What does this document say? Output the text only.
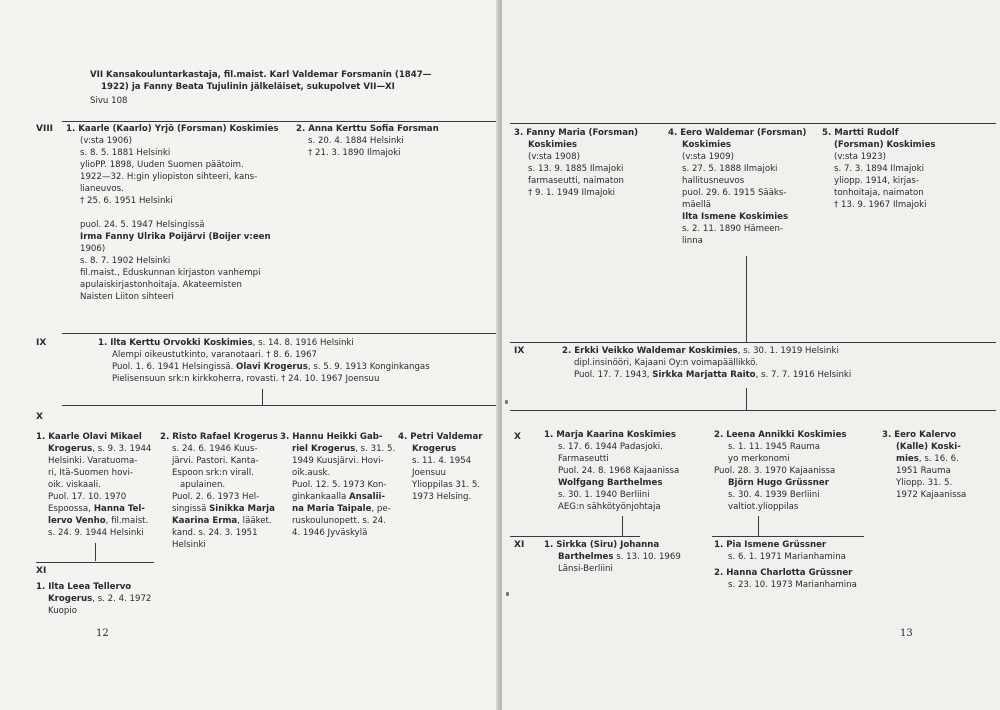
VII Kansakouluntarkastaja, fil.maist. Karl Valdemar Forsmanin (1847—
1922) ja Fanny Beata Tujulinin jälkeläiset, sukupolvet VII—XI
Sivu 108
VIII 1. Kaarle (Kaarlo) Yrjö (Forsman) Koskimies
(v:sta 1906)
s. 8. 5. 1881 Helsinki
ylioPP. 1898, Uuden Suomen päätoim.
1922—32. H:gin yliopiston sihteeri, kans-
lianeuvos.
† 25. 6. 1951 Helsinki
puol. 24. 5. 1947 Helsingissä
Irma Fanny Ulrika Poijärvi (Boijer v:een
1906)
s. 8. 7. 1902 Helsinki
fil.maist., Eduskunnan kirjaston vanhempi
apulaiskirjastonhoitaja. Akateemisten
Naisten Liiton sihteeri
2. Anna Kerttu Sofia Forsman
s. 20. 4. 1884 Helsinki
† 21. 3. 1890 Ilmajoki
IX	1. Ilta Kerttu Orvokki Koskimies, s. 14. 8. 1916 Helsinki
Alempi oikeustutkinto, varanotaari. † 8. 6. 1967
Puol. 1. 6. 1941 Helsingissä. Olavi Krogerus, s. 5. 9. 1913 Konginkangas
Pielisensuun srk:n kirkkoherra, rovasti. † 24. 10. 1967 Joensuu
X
1. Kaarle Olavi Mikael
Krogerus, s. 9. 3. 1944
Helsinki. Varatuoma-
ri, Itä-Suomen hovi-
oik. viskaali.
Puol. 17. 10. 1970
Espoossa, Hanna Tel-
lervo Venho, fil.maist.
s. 24. 9. 1944 Helsinki
2. Risto Rafael Krogerus
s. 24. 6. 1946 Kuus-
järvi. Pastori. Kanta-
Espoon srk:n virall.
apulainen.
Puol. 2. 6. 1973 Hel-
singissä Sinikka Marja
Kaarina Erma, lääket.
kand. s. 24. 3. 1951
Helsinki
3. Hannu Heikki Gab-
riel Krogerus, s. 31. 5.
1949 Kuusjärvi. Hovi-
oik.ausk.
Puol. 12. 5. 1973 Kon-
ginkankaalla Ansalii-
na Maria Taipale, pe-
ruskoulunopett. s. 24.
4. 1946 Jyväskylä
4. Petri Valdemar
Krogerus
s. 11. 4. 1954
Joensuu
Ylioppilas 31. 5.
1973 Helsing.
XI
1. Ilta Leea Tellervo
Krogerus, s. 2. 4. 1972
Kuopio
12
3. Fanny Maria (Forsman)
Koskimies
(v:sta 1908)
s. 13. 9. 1885 Ilmajoki
farmaseutti, naimaton
† 9. 1. 1949 Ilmajoki
4. Eero Waldemar (Forsman)
Koskimies
(v:sta 1909)
s. 27. 5. 1888 Ilmajoki
hallitusneuvos
puol. 29. 6. 1915 Sääks-
mäellä
Ilta Ismene Koskimies
s. 2. 11. 1890 Hämeen-
linna
5. Martti Rudolf
(Forsman) Koskimies
(v:sta 1923)
s. 7. 3. 1894 Ilmajoki
yliopp. 1914, kirjas-
tonhoitaja, naimaton
† 13. 9. 1967 Ilmajoki
IX	2. Erkki Veikko Waldemar Koskimies, s. 30. 1. 1919 Helsinki
dipl.insinööri, Kajaani Oy:n voimapäällikkö.
Puol. 17. 7. 1943, Sirkka Marjatta Raito, s. 7. 7. 1916 Helsinki
X	1. Marja Kaarina Koskimies
s. 17. 6. 1944 Padasjoki.
Farmaseutti
Puol. 24. 8. 1968 Kajaanissa
Wolfgang Barthelmes
s. 30. 1. 1940 Berliini
AEG:n sähkötyönjohtaja
2. Leena Annikki Koskimies
s. 1. 11. 1945 Rauma
yo merkonomi
Puol. 28. 3. 1970 Kajaanissa
Björn Hugo Grüssner
s. 30. 4. 1939 Berliini
valtiot.ylioppilas
3. Eero Kalervo
(Kalle) Koski-
mies, s. 16. 6.
1951 Rauma
Yliopp. 31. 5.
1972 Kajaanissa
XI 1. Sirkka (Siru) Johanna
Barthelmes s. 13. 10. 1969
Länsi-Berliini
1. Pia Ismene Grüssner
s. 6. 1. 1971 Marianhamina
2. Hanna Charlotta Grüssner
s. 23. 10. 1973 Marianhamina
13
